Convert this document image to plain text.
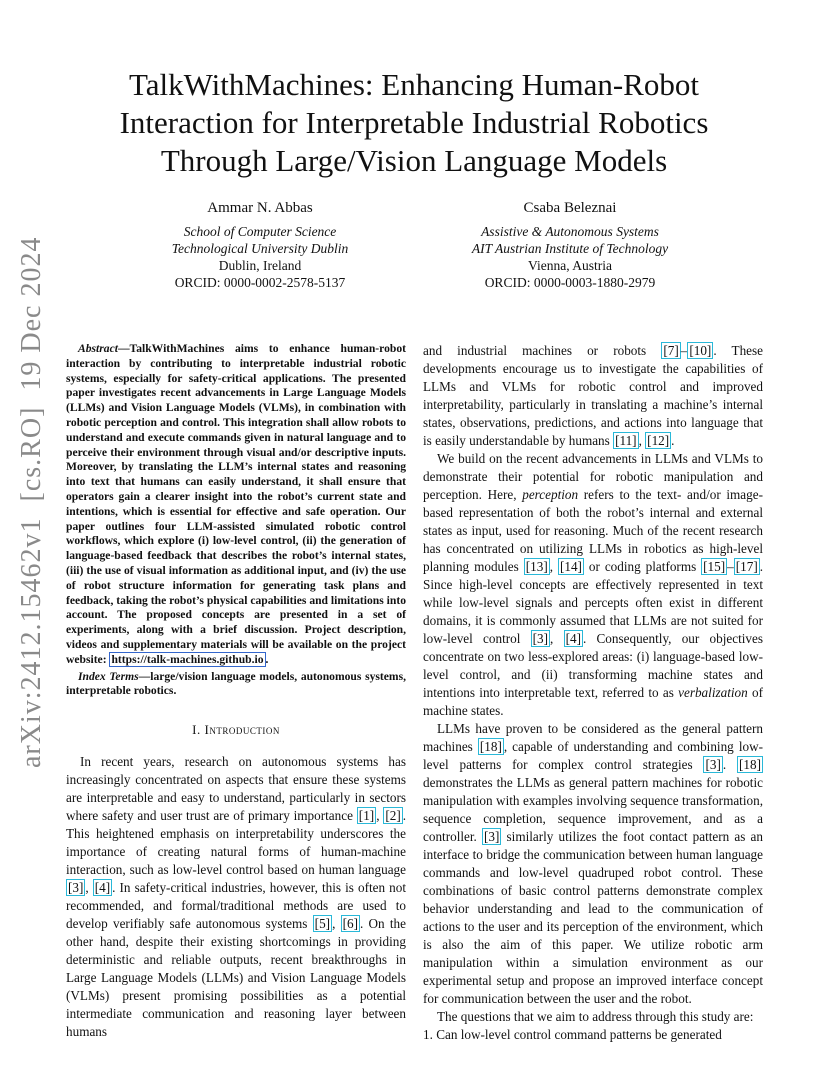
arXiv:2412.15462v1[cs.RO]19 Dec 2024
TalkWithMachines: Enhancing Human-Robot Interaction for Interpretable Industrial Robotics Through Large/Vision Language Models
Ammar N. Abbas
School of Computer Science
Technological University Dublin
Dublin, Ireland
ORCID: 0000-0002-2578-5137
Csaba Beleznai
Assistive & Autonomous Systems
AIT Austrian Institute of Technology
Vienna, Austria
ORCID: 0000-0003-1880-2979

Abstract—TalkWithMachines aims to enhance human-robot interaction by contributing to interpretable industrial robotic systems, especially for safety-critical applications. The presented paper investigates recent advancements in Large Language Models (LLMs) and Vision Language Models (VLMs), in combination with robotic perception and control. This integration shall allow robots to understand and execute commands given in natural language and to perceive their environment through visual and/or descriptive inputs. Moreover, by translating the LLM’s internal states and reasoning into text that humans can easily understand, it shall ensure that operators gain a clearer insight into the robot’s current state and intentions, which is essential for effective and safe operation. Our paper outlines four LLM-assisted simulated robotic control workflows, which explore (i) low-level control, (ii) the generation of language-based feedback that describes the robot’s internal states, (iii) the use of visual information as additional input, and (iv) the use of robot structure information for generating task plans and feedback, taking the robot’s physical capabilities and limitations into account. The proposed concepts are presented in a set of experiments, along with a brief discussion. Project description, videos and supplementary materials will be available on the project website: https://talk-machines.github.io .

Index Terms—large/vision language models, autonomous systems, interpretable robotics.

I. Introduction

In recent years, research on autonomous systems has increasingly concentrated on aspects that ensure these systems are interpretable and easy to understand, particularly in sectors where safety and user trust are of primary importance [1] , [2] . This heightened emphasis on interpretability underscores the importance of creating natural forms of human-machine interaction, such as low-level control based on human language [3] , [4] . In safety-critical industries, however, this is often not recommended, and formal/traditional methods are used to develop verifiably safe autonomous systems [5] , [6] . On the other hand, despite their existing shortcomings in providing deterministic and reliable outputs, recent breakthroughs in Large Language Models (LLMs) and Vision Language Models (VLMs) present promising possibilities as a potential intermediate communication and reasoning layer between humans

and industrial machines or robots [7] – [10] . These developments encourage us to investigate the capabilities of LLMs and VLMs for robotic control and improved interpretability, particularly in translating a machine’s internal states, observations, predictions, and actions into language that is easily understandable by humans [11] , [12] .

We build on the recent advancements in LLMs and VLMs to demonstrate their potential for robotic manipulation and perception. Here, perception refers to the text- and/or image-based representation of both the robot’s internal and external states as input, used for reasoning. Much of the recent research has concentrated on utilizing LLMs in robotics as high-level planning modules [13] , [14] or coding platforms [15] – [17] . Since high-level concepts are effectively represented in text while low-level signals and percepts often exist in different domains, it is commonly assumed that LLMs are not suited for low-level control [3] , [4] . Consequently, our objectives concentrate on two less-explored areas: (i) language-based low-level control, and (ii) transforming machine states and intentions into interpretable text, referred to as verbalization of machine states.

LLMs have proven to be considered as the general pattern machines [18] , capable of understanding and combining low-level patterns for complex control strategies [3] . [18] demonstrates the LLMs as general pattern machines for robotic manipulation with examples involving sequence transformation, sequence completion, sequence improvement, and as a controller. [3] similarly utilizes the foot contact pattern as an interface to bridge the communication between human language commands and low-level quadruped robot control. These combinations of basic control patterns demonstrate complex behavior understanding and lead to the communication of actions to the user and its perception of the environment, which is also the aim of this paper. We utilize robotic arm manipulation within a simulation environment as our experimental setup and propose an improved interface concept for communication between the user and the robot.

The questions that we aim to address through this study are:

1. Can low-level control command patterns be generated
